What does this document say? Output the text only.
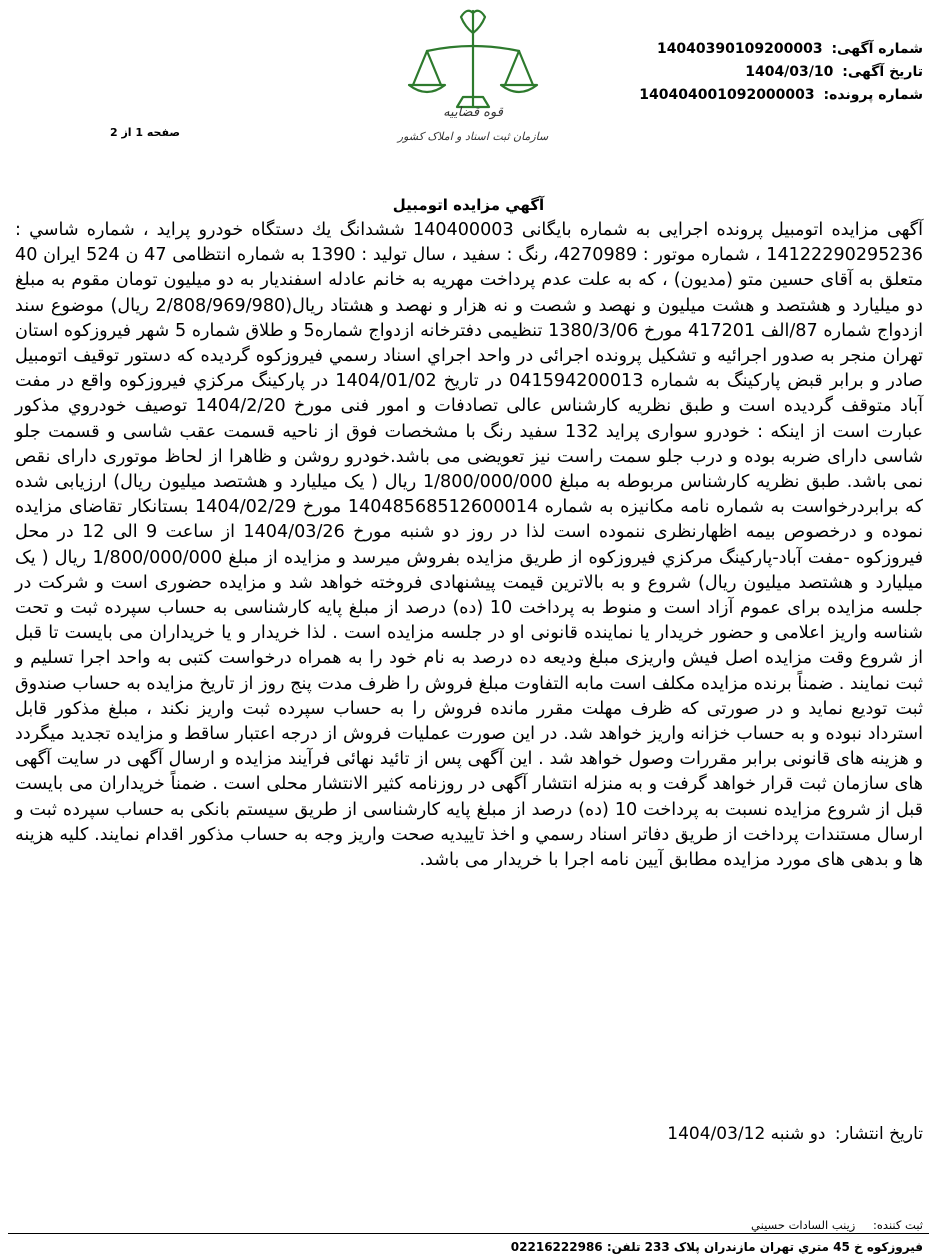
قوه قضاییه
سازمان ثبت اسناد و املاک کشور
شماره آگهی: 14040390109200003
تاریخ آگهی: 1404/03/10
شماره پرونده: 140404001092000003
صفحه 1 از 2
آگهي مزايده اتومبيل

آگهی مزایده اتومبیل پرونده اجرایی به شماره بایگانی 140400003 ششدانگ یك دستگاه خودرو پراید ، شماره شاسي : 14122290295236 ، شماره موتور : 4270989، رنگ : سفید ، سال تولید : 1390 به شماره انتظامی 47 ن 524 ایران 40 متعلق به آقای حسین متو (مدیون) ، که به علت عدم پرداخت مهریه به خانم عادله اسفندیار به دو میلیون تومان مقوم به مبلغ دو میلیارد و هشتصد و هشت میلیون و نهصد و شصت و نه هزار و نهصد و هشتاد ریال(2/808/969/980 ریال) موضوع سند ازدواج شماره 87/الف 417201 مورخ 1380/3/06 تنظیمی دفترخانه ازدواج شماره5 و طلاق شماره 5 شهر فیروزکوه استان تهران منجر به صدور اجرائیه و تشکیل پرونده اجرائی در واحد اجراي اسناد رسمي فیروزکوه گردیده که دستور توقیف اتومبیل صادر و برابر قبض پارکینگ به شماره 041594200013 در تاریخ 1404/01/02 در پارکینگ مرکزي فيروزكوه واقع در مفت آباد متوقف گردیده است و طبق نظریه کارشناس عالی تصادفات و امور فنی مورخ 1404/2/20 توصیف خودروي مذکور عبارت است از اینکه : خودرو سواری پراید 132 سفید رنگ با مشخصات فوق از ناحیه قسمت عقب شاسی و قسمت جلو شاسی دارای ضربه بوده و درب جلو سمت راست نیز تعویضی می باشد.خودرو روشن و ظاهرا از لحاظ موتوری دارای نقص نمی باشد. طبق نظریه کارشناس مربوطه به مبلغ 1/800/000/000 ریال ( یک میلیارد و هشتصد میلیون ریال) ارزیابی شده که برابردرخواست به شماره نامه مکانیزه به شماره 14048568512600014 مورخ 1404/02/29 بستانکار تقاضای مزایده نموده و درخصوص بیمه اظهارنظری ننموده است لذا در روز دو شنبه مورخ 1404/03/26 از ساعت 9 الی 12 در محل فیروزکوه -مفت آباد-پارکینگ مرکزي فیروزکوه از طریق مزایده بفروش میرسد و مزایده از مبلغ 1/800/000/000 ریال ( یک میلیارد و هشتصد میلیون ریال) شروع و به بالاترین قیمت پیشنهادی فروخته خواهد شد و مزایده حضوری است و شرکت در جلسه مزایده برای عموم آزاد است و منوط به پرداخت 10 (ده) درصد از مبلغ پایه کارشناسی به حساب سپرده ثبت و تحت شناسه واریز اعلامی و حضور خریدار یا نماینده قانونی او در جلسه مزایده است . لذا خریدار و یا خریداران می بایست تا قبل از شروع وقت مزایده اصل فیش واریزی مبلغ ودیعه ده درصد به نام خود را به همراه درخواست کتبی به واحد اجرا تسلیم و ثبت نمایند . ضمناً برنده مزایده مکلف است مابه التفاوت مبلغ فروش را ظرف مدت پنج روز از تاریخ مزایده به حساب صندوق ثبت تودیع نماید و در صورتی که ظرف مهلت مقرر مانده فروش را به حساب سپرده ثبت واریز نکند ، مبلغ مذکور قابل استرداد نبوده و به حساب خزانه واریز خواهد شد. در این صورت عملیات فروش از درجه اعتبار ساقط و مزایده تجدید میگردد و هزینه های قانونی برابر مقررات وصول خواهد شد . این آگهی پس از تائید نهائی فرآیند مزایده و ارسال آگهی در سایت آگهی های سازمان ثبت قرار خواهد گرفت و به منزله انتشار آگهی در روزنامه کثیر الانتشار محلی است . ضمناً خریداران می بایست قبل از شروع مزایده نسبت به پرداخت 10 (ده) درصد از مبلغ پایه کارشناسی از طریق سیستم بانکی به حساب سپرده ثبت و ارسال مستندات پرداخت از طریق دفاتر اسناد رسمي و اخذ تاییدیه صحت واریز وجه به حساب مذکور اقدام نمایند. کلیه هزینه ها و بدهی های مورد مزایده مطابق آیین نامه اجرا با خریدار می باشد.

تاریخ انتشار: دو شنبه 1404/03/12
ثبت کننده: زينب السادات حسيني
فیروزکوه خ 45 متري تهران مازندران پلاک 233 تلفن: 02216222986
